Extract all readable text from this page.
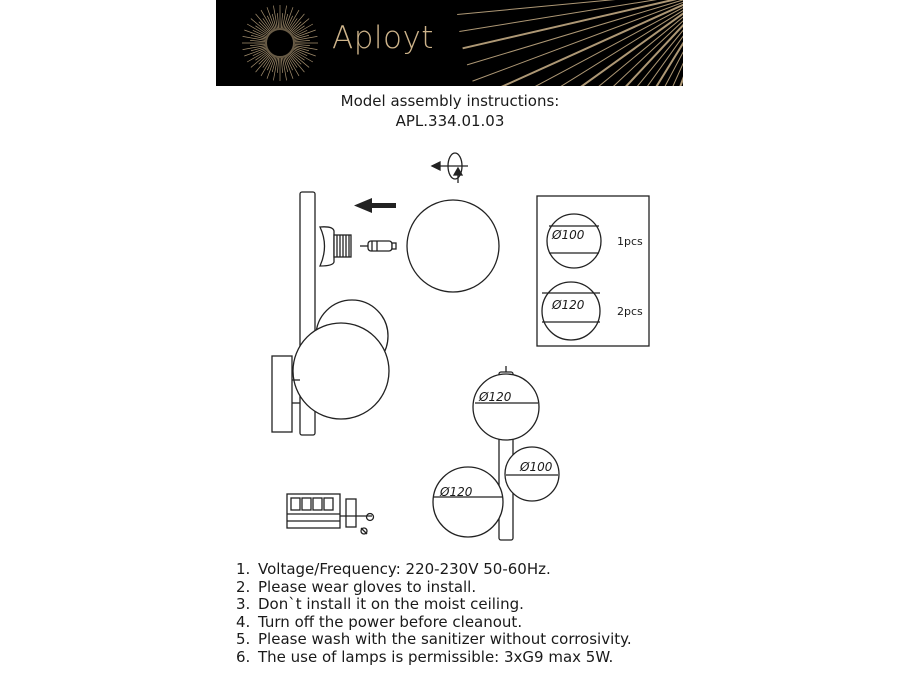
Aployt
Model assembly instructions:
APL.334.01.03
Ø100	1pcs
Ø120	2pcs
Ø120
Ø100
Ø120
1. Voltage/Frequency: 220-230V 50-60Hz.
2. Please wear gloves to install.
3. Don`t install it on the moist ceiling.
4. Turn off the power before cleanout.
5. Please wash with the sanitizer without corrosivity.
6. The use of lamps is permissible: 3xG9 max 5W.
